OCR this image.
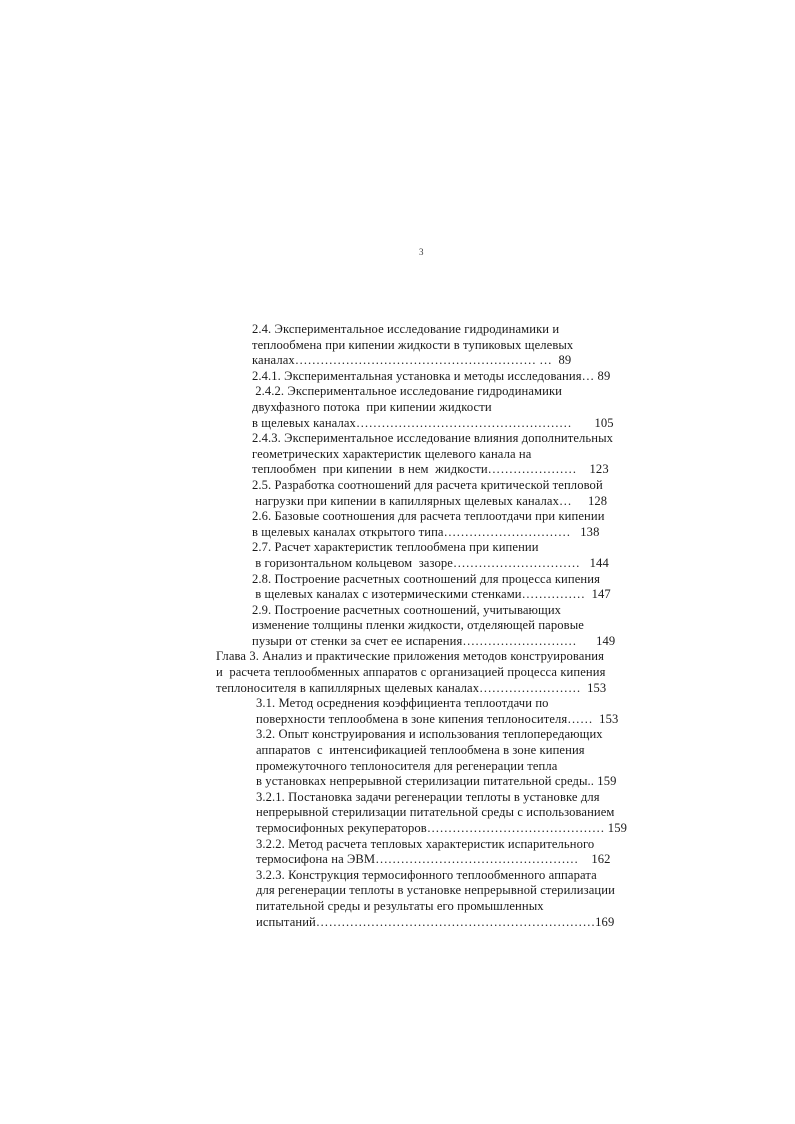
3
2.4. Экспериментальное исследование гидродинамики и
теплообмена при кипении жидкости в тупиковых щелевых
каналах………………………………………………… …  89
2.4.1. Экспериментальная установка и методы исследования… 89
2.4.2. Экспериментальное исследование гидродинамики
двухфазного потока  при кипении жидкости
в щелевых каналах……………………………………………       105
2.4.3. Экспериментальное исследование влияния дополнительных
геометрических характеристик щелевого канала на
теплообмен  при кипении  в нем  жидкости…………………    123
2.5. Разработка соотношений для расчета критической тепловой
нагрузки при кипении в капиллярных щелевых каналах…     128
2.6. Базовые соотношения для расчета теплоотдачи при кипении
в щелевых каналах открытого типа…………………………   138
2.7. Расчет характеристик теплообмена при кипении
в горизонтальном кольцевом  зазоре…………………………   144
2.8. Построение расчетных соотношений для процесса кипения
в щелевых каналах с изотермическими стенками……………  147
2.9. Построение расчетных соотношений, учитывающих
изменение толщины пленки жидкости, отделяющей паровые
пузыри от стенки за счет ее испарения………………………      149
Глава 3. Анализ и практические приложения методов конструирования
и  расчета теплообменных аппаратов с организацией процесса кипения
теплоносителя в капиллярных щелевых каналах……………………  153
3.1. Метод осреднения коэффициента теплоотдачи по
поверхности теплообмена в зоне кипения теплоносителя……  153
3.2. Опыт конструирования и использования теплопередающих
аппаратов  с  интенсификацией теплообмена в зоне кипения
промежуточного теплоносителя для регенерации тепла
в установках непрерывной стерилизации питательной среды.. 159
3.2.1. Постановка задачи регенерации теплоты в установке для
непрерывной стерилизации питательной среды с использованием
термосифонных рекуператоров…………………………………… 159
3.2.2. Метод расчета тепловых характеристик испарительного
термосифона на ЭВМ…………………………………………    162
3.2.3. Конструкция термосифонного теплообменного аппарата
для регенерации теплоты в установке непрерывной стерилизации
питательной среды и результаты его промышленных
испытаний…………………………………………………………169
